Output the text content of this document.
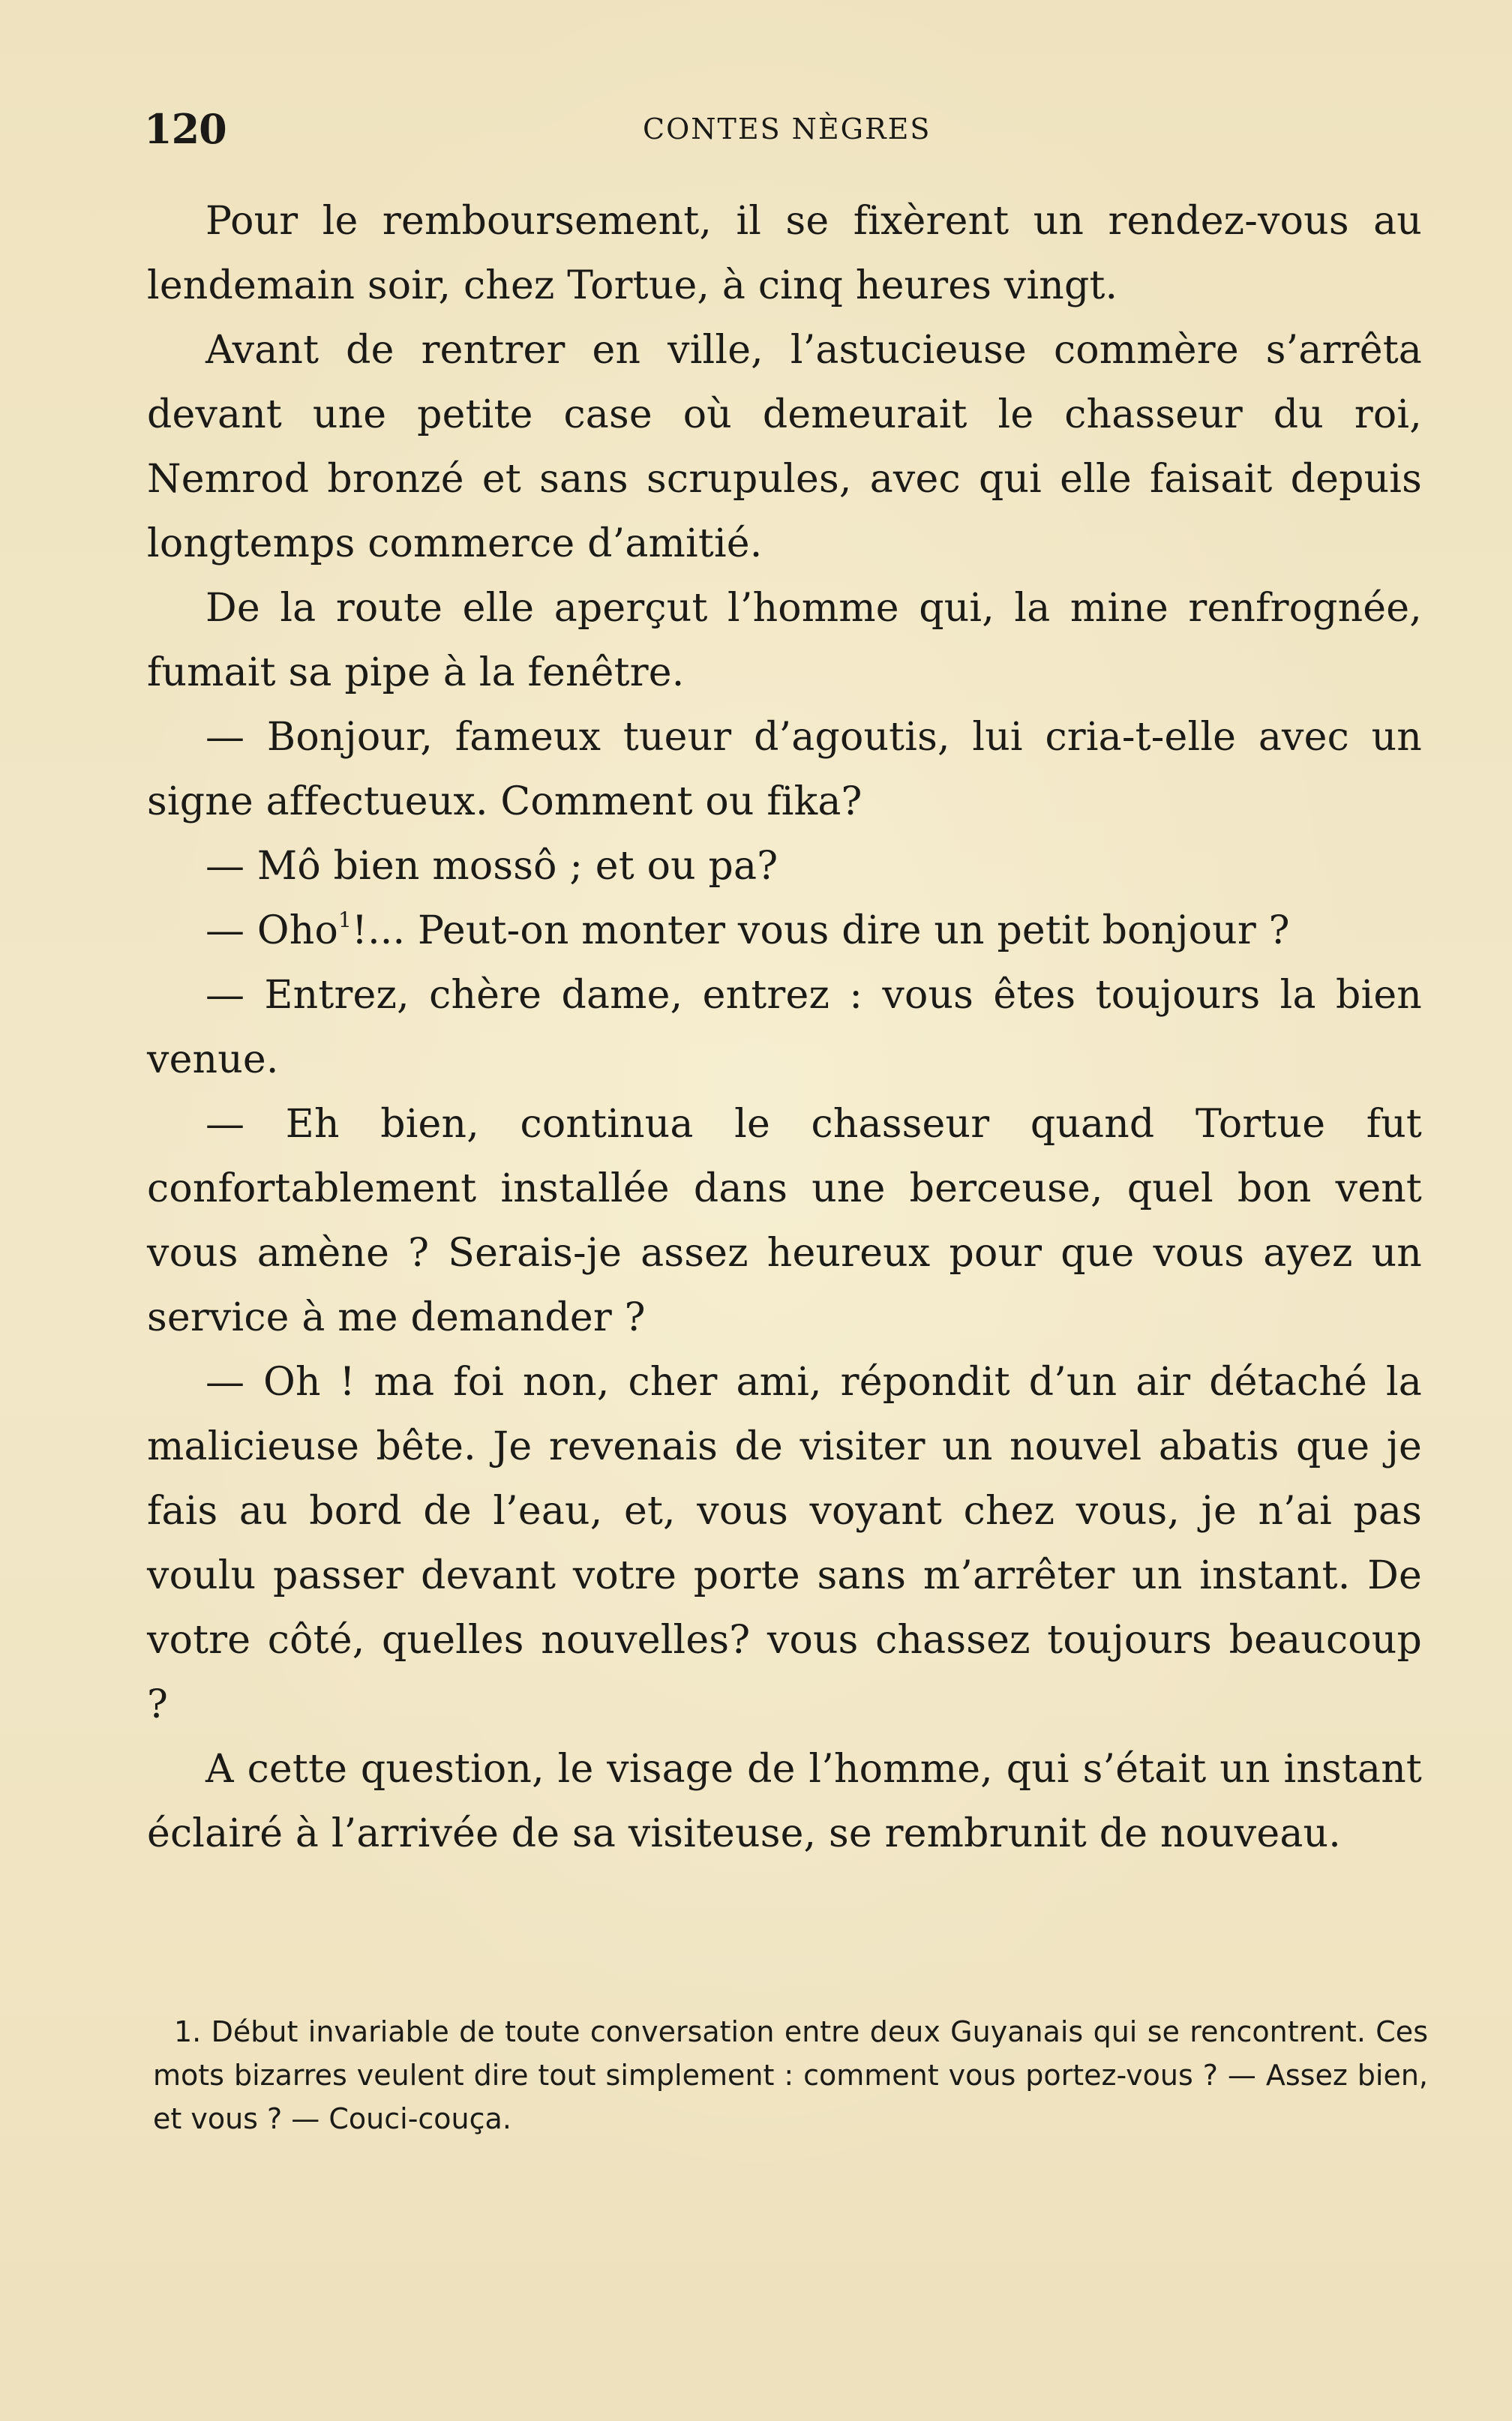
120	CONTES NÈGRES

Pour le remboursement, il se fixèrent un rendez-vous au lendemain soir, chez Tortue, à cinq heures vingt.

Avant de rentrer en ville, l’astucieuse commère s’arrêta devant une petite case où demeurait le chasseur du roi, Nemrod bronzé et sans scrupules, avec qui elle faisait depuis longtemps commerce d’amitié.

De la route elle aperçut l’homme qui, la mine renfrognée, fumait sa pipe à la fenêtre.

— Bonjour, fameux tueur d’agoutis, lui cria-t-elle avec un signe affectueux. Comment ou fika?

— Mô bien mossô ; et ou pa?

— Oho$^1$!... Peut-on monter vous dire un petit bonjour ?

— Entrez, chère dame, entrez : vous êtes toujours la bien venue.

— Eh bien, continua le chasseur quand Tortue fut confortablement installée dans une berceuse, quel bon vent vous amène ? Serais-je assez heureux pour que vous ayez un service à me demander ?

— Oh ! ma foi non, cher ami, répondit d’un air détaché la malicieuse bête. Je revenais de visiter un nouvel abatis que je fais au bord de l’eau, et, vous voyant chez vous, je n’ai pas voulu passer devant votre porte sans m’arrêter un instant. De votre côté, quelles nouvelles? vous chassez toujours beaucoup ?

A cette question, le visage de l’homme, qui s’était un instant éclairé à l’arrivée de sa visiteuse, se rembrunit de nouveau.

1. Début invariable de toute conversation entre deux Guyanais qui se rencontrent. Ces mots bizarres veulent dire tout simplement : comment vous portez-vous ? — Assez bien, et vous ? — Couci-couça.
